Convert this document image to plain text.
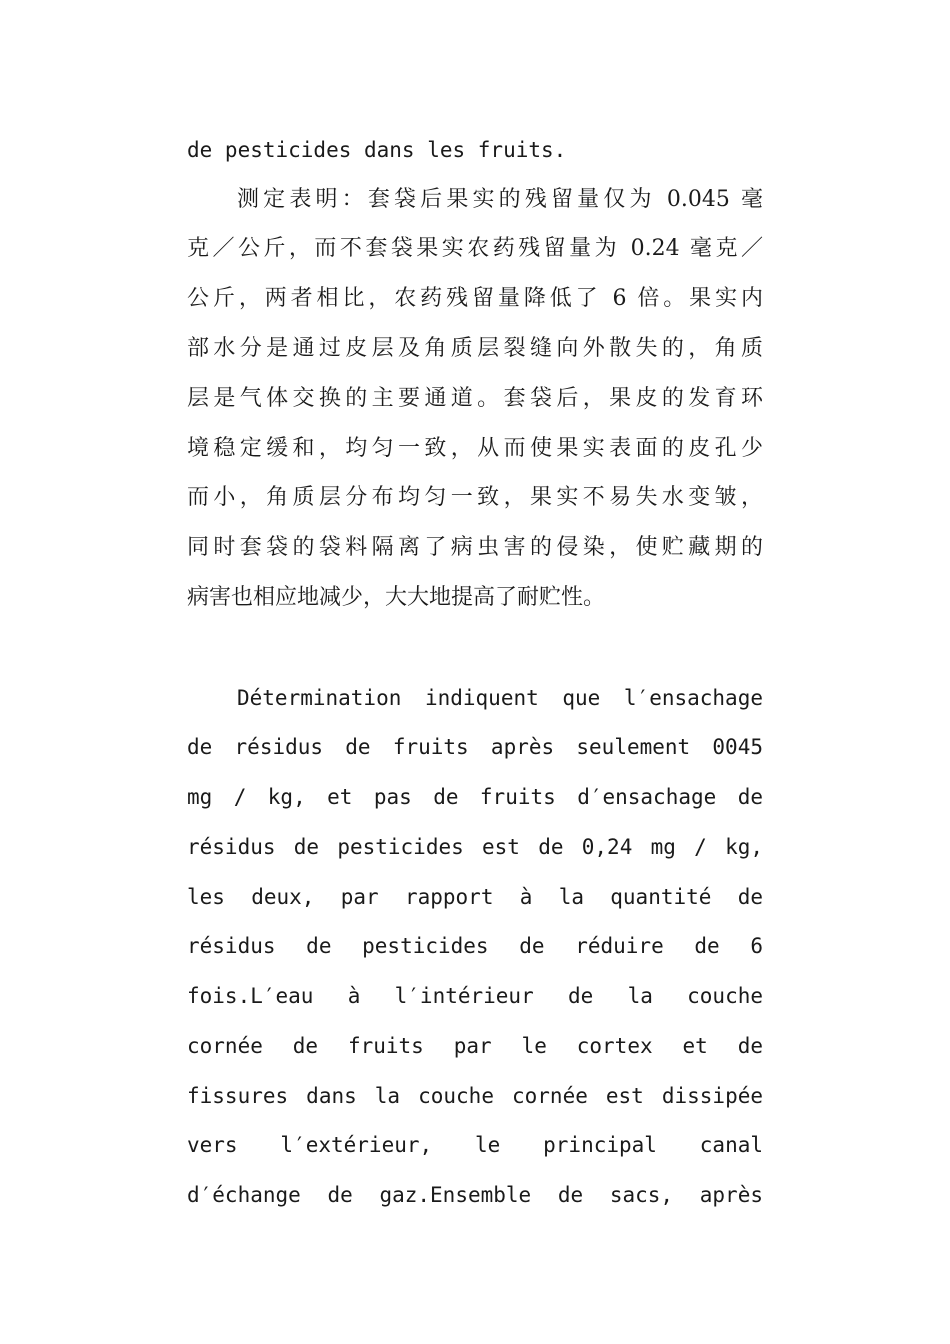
de pesticides dans les fruits.
测定表明：套袋后果实的残留量仅为 0.045 毫
克／公斤，而不套袋果实农药残留量为 0.24 毫克／
公斤，两者相比，农药残留量降低了 6 倍。果实内
部水分是通过皮层及角质层裂缝向外散失的，角质
层是气体交换的主要通道。套袋后，果皮的发育环
境稳定缓和，均匀一致，从而使果实表面的皮孔少
而小，角质层分布均匀一致，果实不易失水变皱，
同时套袋的袋料隔离了病虫害的侵染，使贮藏期的
病害也相应地减少，大大地提高了耐贮性。
Détermination indiquent que l′ensachage
de résidus de fruits après seulement 0045
mg / kg, et pas de fruits d′ensachage de
résidus de pesticides est de 0,24 mg / kg,
les deux, par rapport à la quantité de
résidus de pesticides de réduire de 6
fois.L′eau à l′intérieur de la couche
cornée de fruits par le cortex et de
fissures dans la couche cornée est dissipée
vers l′extérieur, le principal canal
d′échange de gaz.Ensemble de sacs, après
